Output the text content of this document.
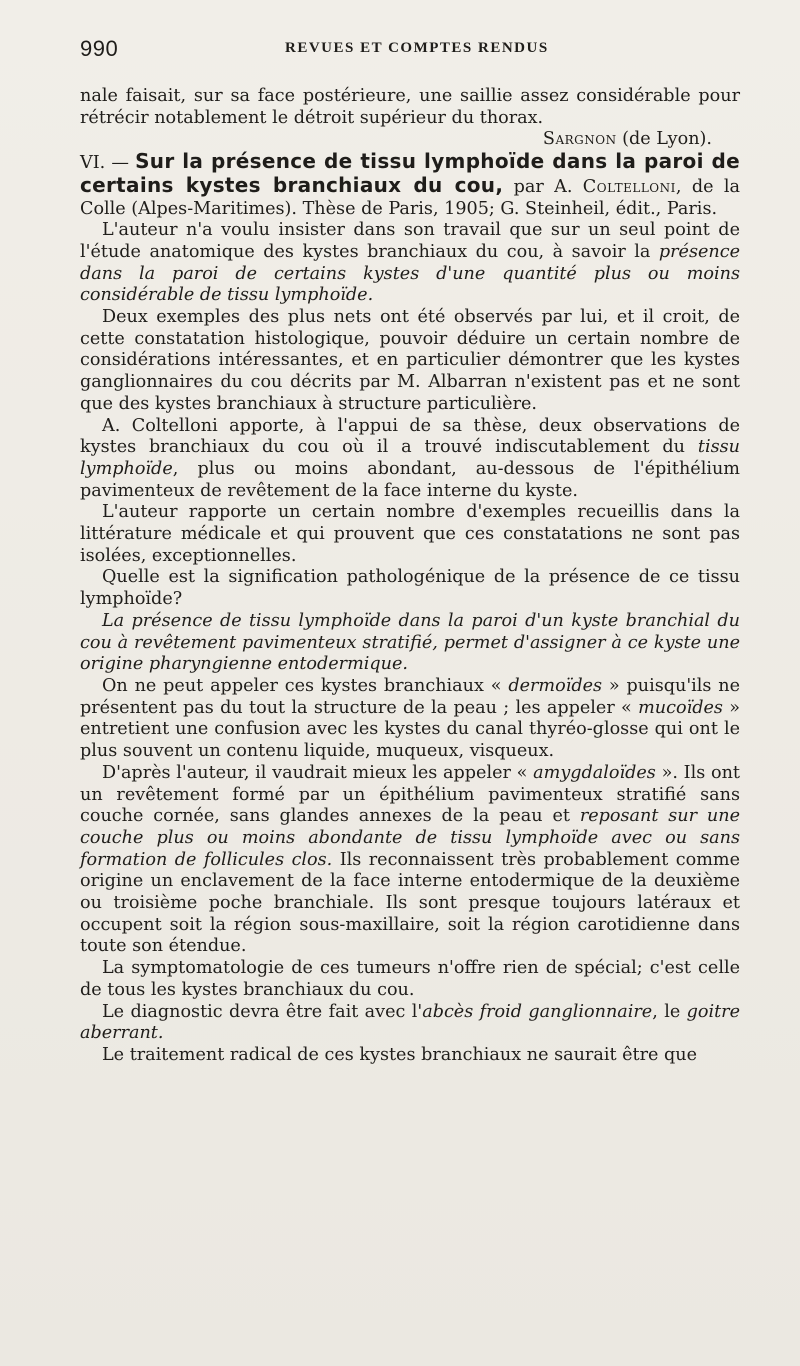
990	REVUES ET COMPTES RENDUS

nale faisait, sur sa face postérieure, une saillie assez considérable pour rétrécir notablement le détroit supérieur du thorax.

Sargnon (de Lyon).

VI. — Sur la présence de tissu lymphoïde dans la paroi de certains kystes branchiaux du cou, par A. Coltelloni, de la Colle (Alpes-Maritimes). Thèse de Paris, 1905; G. Steinheil, édit., Paris.

L'auteur n'a voulu insister dans son travail que sur un seul point de l'étude anatomique des kystes branchiaux du cou, à savoir la présence dans la paroi de certains kystes d'une quantité plus ou moins considérable de tissu lymphoïde.

Deux exemples des plus nets ont été observés par lui, et il croit, de cette constatation histologique, pouvoir déduire un certain nombre de considérations intéressantes, et en particulier démontrer que les kystes ganglionnaires du cou décrits par M. Albarran n'existent pas et ne sont que des kystes branchiaux à structure particulière.

A. Coltelloni apporte, à l'appui de sa thèse, deux observations de kystes branchiaux du cou où il a trouvé indiscutablement du tissu lymphoïde, plus ou moins abondant, au-dessous de l'épithélium pavimenteux de revêtement de la face interne du kyste.

L'auteur rapporte un certain nombre d'exemples recueillis dans la littérature médicale et qui prouvent que ces constatations ne sont pas isolées, exceptionnelles.

Quelle est la signification pathologénique de la présence de ce tissu lymphoïde?

La présence de tissu lymphoïde dans la paroi d'un kyste branchial du cou à revêtement pavimenteux stratifié, permet d'assigner à ce kyste une origine pharyngienne entodermique.

On ne peut appeler ces kystes branchiaux « dermoïdes » puisqu'ils ne présentent pas du tout la structure de la peau ; les appeler « mucoïdes » entretient une confusion avec les kystes du canal thyréo-glosse qui ont le plus souvent un contenu liquide, muqueux, visqueux.

D'après l'auteur, il vaudrait mieux les appeler « amygdaloïdes ». Ils ont un revêtement formé par un épithélium pavimenteux stratifié sans couche cornée, sans glandes annexes de la peau et reposant sur une couche plus ou moins abondante de tissu lymphoïde avec ou sans formation de follicules clos. Ils reconnaissent très probablement comme origine un enclavement de la face interne entodermique de la deuxième ou troisième poche branchiale. Ils sont presque toujours latéraux et occupent soit la région sous-maxillaire, soit la région carotidienne dans toute son étendue.

La symptomatologie de ces tumeurs n'offre rien de spécial; c'est celle de tous les kystes branchiaux du cou.

Le diagnostic devra être fait avec l'abcès froid ganglionnaire, le goitre aberrant.

Le traitement radical de ces kystes branchiaux ne saurait être que
